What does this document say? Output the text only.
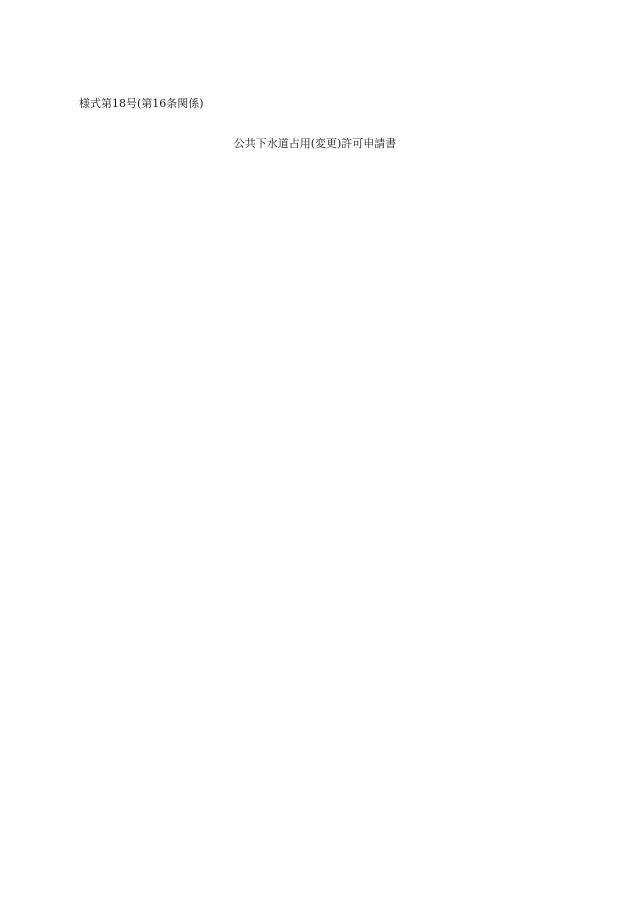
様式第18号(第16条関係)
公共下水道占用(変更)許可申請書
